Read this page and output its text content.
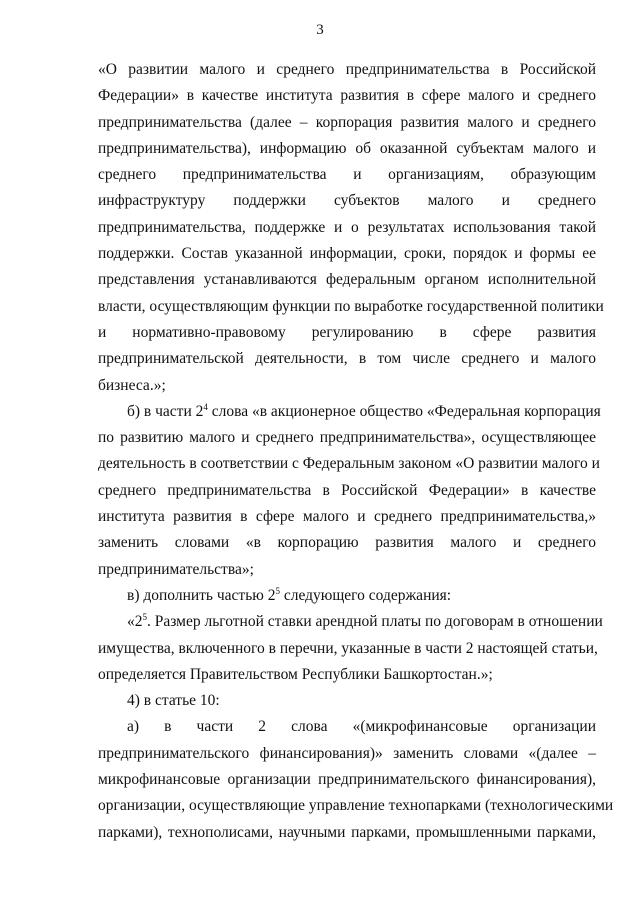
3
«О развитии малого и среднего предпринимательства в Российской
Федерации» в качестве института развития в сфере малого и среднего
предпринимательства (далее – корпорация развития малого и среднего
предпринимательства), информацию об оказанной субъектам малого и
среднего предпринимательства и организациям, образующим
инфраструктуру поддержки субъектов малого и среднего
предпринимательства, поддержке и о результатах использования такой
поддержки. Состав указанной информации, сроки, порядок и формы ее
представления устанавливаются федеральным органом исполнительной
власти, осуществляющим функции по выработке государственной политики
и нормативно-правовому регулированию в сфере развития
предпринимательской деятельности, в том числе среднего и малого
бизнеса.»;
б) в части $2^4$ слова «в акционерное общество «Федеральная корпорация
по развитию малого и среднего предпринимательства», осуществляющее
деятельность в соответствии с Федеральным законом «О развитии малого и
среднего предпринимательства в Российской Федерации» в качестве
института развития в сфере малого и среднего предпринимательства,»
заменить словами «в корпорацию развития малого и среднего
предпринимательства»;
в) дополнить частью $2^5$ следующего содержания:
«$2^5$. Размер льготной ставки арендной платы по договорам в отношении
имущества, включенного в перечни, указанные в части 2 настоящей статьи,
определяется Правительством Республики Башкортостан.»;
4) в статье 10:
а) в части 2 слова «(микрофинансовые организации
предпринимательского финансирования)» заменить словами «(далее –
микрофинансовые организации предпринимательского финансирования),
организации, осуществляющие управление технопарками (технологическими
парками), технополисами, научными парками, промышленными парками,
